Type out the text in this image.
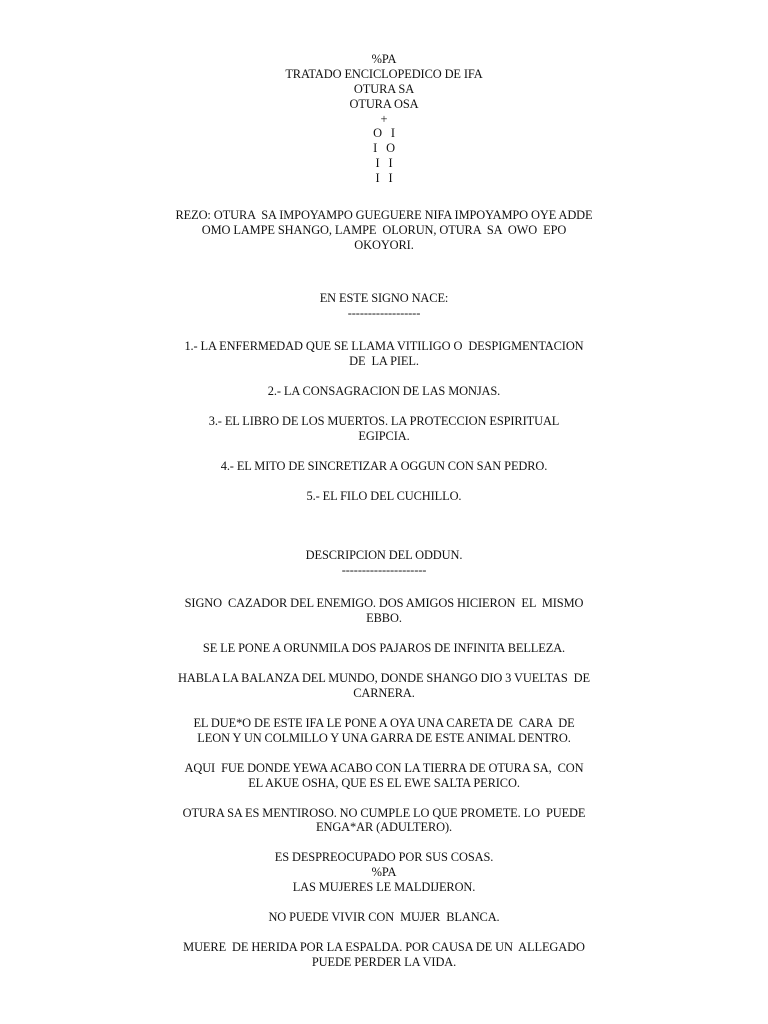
%PA
TRATADO ENCICLOPEDICO DE IFA
OTURA SA
OTURA OSA
+
O   I
I   O
I   I
I   I
REZO: OTURA  SA IMPOYAMPO GUEGUERE NIFA IMPOYAMPO OYE ADDE
OMO LAMPE SHANGO, LAMPE  OLORUN, OTURA  SA  OWO  EPO
OKOYORI.
EN ESTE SIGNO NACE:
------------------
1.- LA ENFERMEDAD QUE SE LLAMA VITILIGO O  DESPIGMENTACION
DE  LA PIEL.
2.- LA CONSAGRACION DE LAS MONJAS.
3.- EL LIBRO DE LOS MUERTOS. LA PROTECCION ESPIRITUAL
EGIPCIA.
4.- EL MITO DE SINCRETIZAR A OGGUN CON SAN PEDRO.
5.- EL FILO DEL CUCHILLO.
DESCRIPCION DEL ODDUN.
---------------------
SIGNO  CAZADOR DEL ENEMIGO. DOS AMIGOS HICIERON  EL  MISMO
EBBO.
SE LE PONE A ORUNMILA DOS PAJAROS DE INFINITA BELLEZA.
HABLA LA BALANZA DEL MUNDO, DONDE SHANGO DIO 3 VUELTAS  DE
CARNERA.
EL DUE*O DE ESTE IFA LE PONE A OYA UNA CARETA DE  CARA  DE
LEON Y UN COLMILLO Y UNA GARRA DE ESTE ANIMAL DENTRO.
AQUI  FUE DONDE YEWA ACABO CON LA TIERRA DE OTURA SA,  CON
EL AKUE OSHA, QUE ES EL EWE SALTA PERICO.
OTURA SA ES MENTIROSO. NO CUMPLE LO QUE PROMETE. LO  PUEDE
ENGA*AR (ADULTERO).
ES DESPREOCUPADO POR SUS COSAS.
%PA
LAS MUJERES LE MALDIJERON.
NO PUEDE VIVIR CON  MUJER  BLANCA.
MUERE  DE HERIDA POR LA ESPALDA. POR CAUSA DE UN  ALLEGADO
PUEDE PERDER LA VIDA.
